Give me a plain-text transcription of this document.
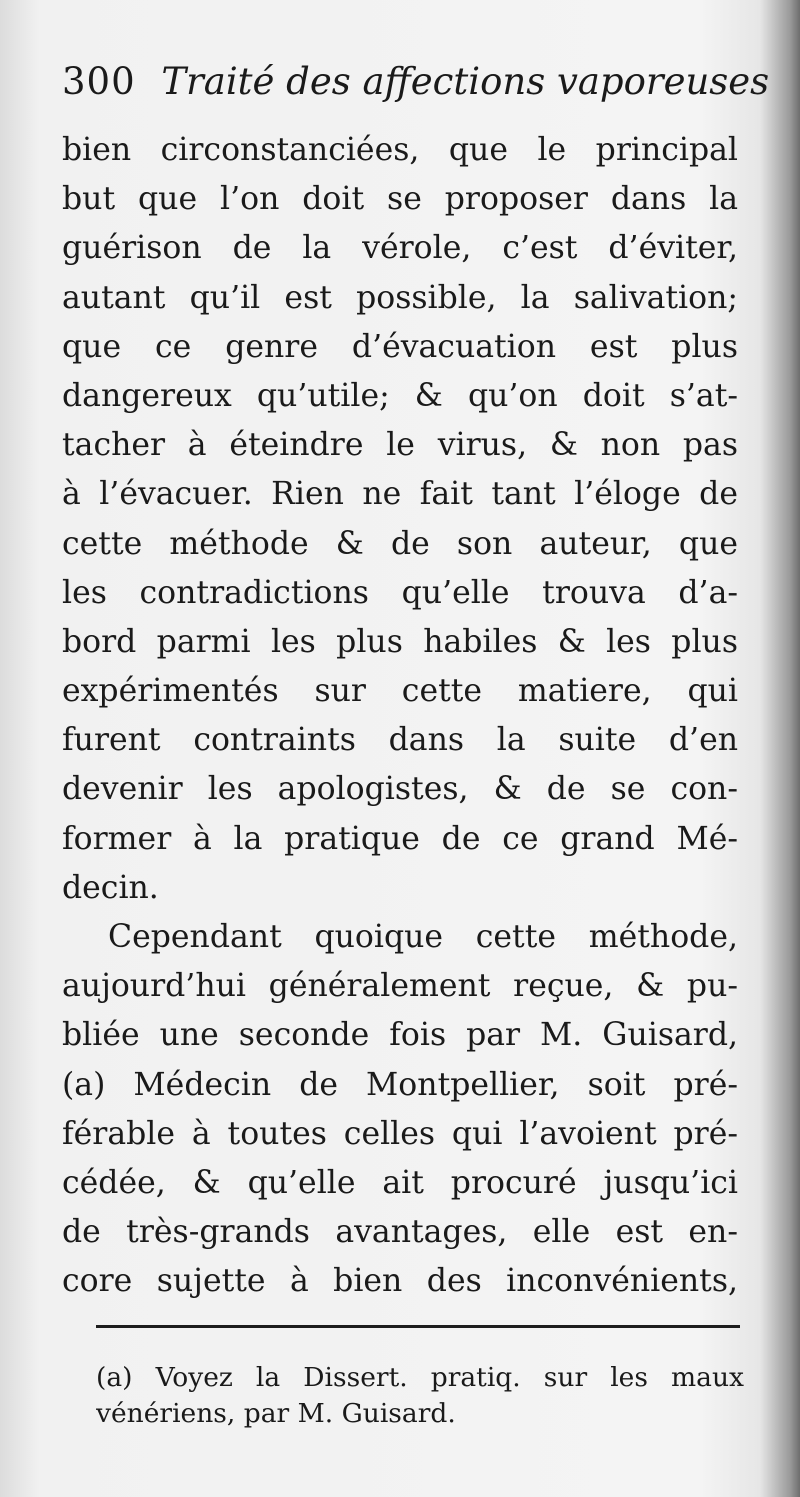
300 Traité des affections vaporeuses
bien circonstanciées, que le principal
but que l’on doit se proposer dans la
guérison de la vérole, c’est d’éviter,
autant qu’il est possible, la salivation;
que ce genre d’évacuation est plus
dangereux qu’utile; & qu’on doit s’at-
tacher à éteindre le virus, & non pas
à l’évacuer. Rien ne fait tant l’éloge de
cette méthode & de son auteur, que
les contradictions qu’elle trouva d’a-
bord parmi les plus habiles & les plus
expérimentés sur cette matiere, qui
furent contraints dans la suite d’en
devenir les apologistes, & de se con-
former à la pratique de ce grand Mé-
decin.
Cependant quoique cette méthode,
aujourd’hui généralement reçue, & pu-
bliée une seconde fois par M. Guisard,
(a) Médecin de Montpellier, soit pré-
férable à toutes celles qui l’avoient pré-
cédée, & qu’elle ait procuré jusqu’ici
de très-grands avantages, elle est en-
core sujette à bien des inconvénients,
(a) Voyez la Dissert. pratiq. sur les maux
vénériens, par M. Guisard.
